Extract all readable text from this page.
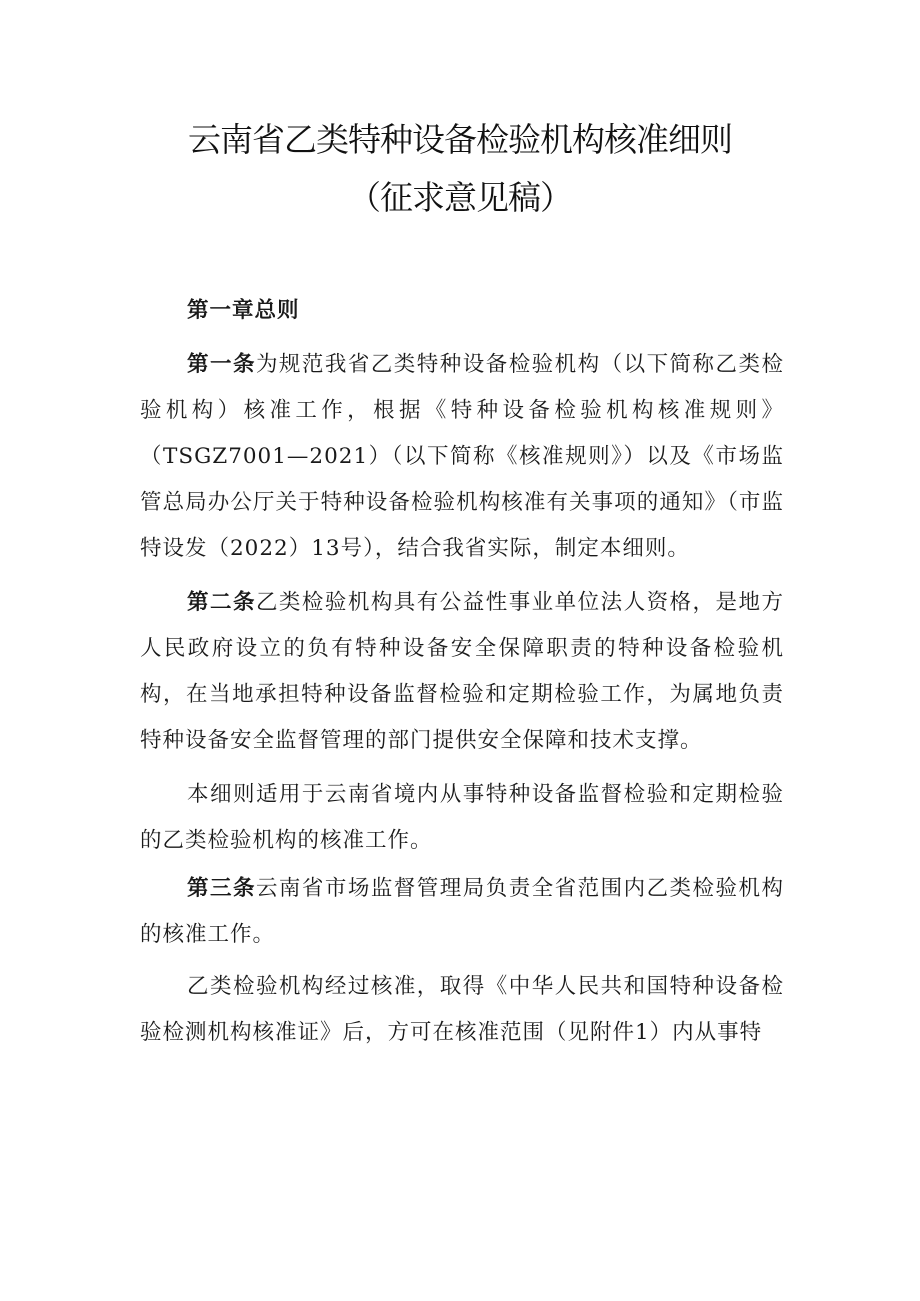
云南省乙类特种设备检验机构核准细则
（征求意见稿）

第一章总则

第一条为规范我省乙类特种设备检验机构（以下简称乙类检验机构）核准工作，根据《特种设备检验机构核准规则》（TSGZ7001—2021）（以下简称《核准规则》）以及《市场监管总局办公厅关于特种设备检验机构核准有关事项的通知》（市监特设发（2022）13号），结合我省实际，制定本细则。

第二条乙类检验机构具有公益性事业单位法人资格，是地方人民政府设立的负有特种设备安全保障职责的特种设备检验机构，在当地承担特种设备监督检验和定期检验工作，为属地负责特种设备安全监督管理的部门提供安全保障和技术支撑。

本细则适用于云南省境内从事特种设备监督检验和定期检验的乙类检验机构的核准工作。

第三条云南省市场监督管理局负责全省范围内乙类检验机构的核准工作。

乙类检验机构经过核准，取得《中华人民共和国特种设备检验检测机构核准证》后，方可在核准范围（见附件1）内从事特
